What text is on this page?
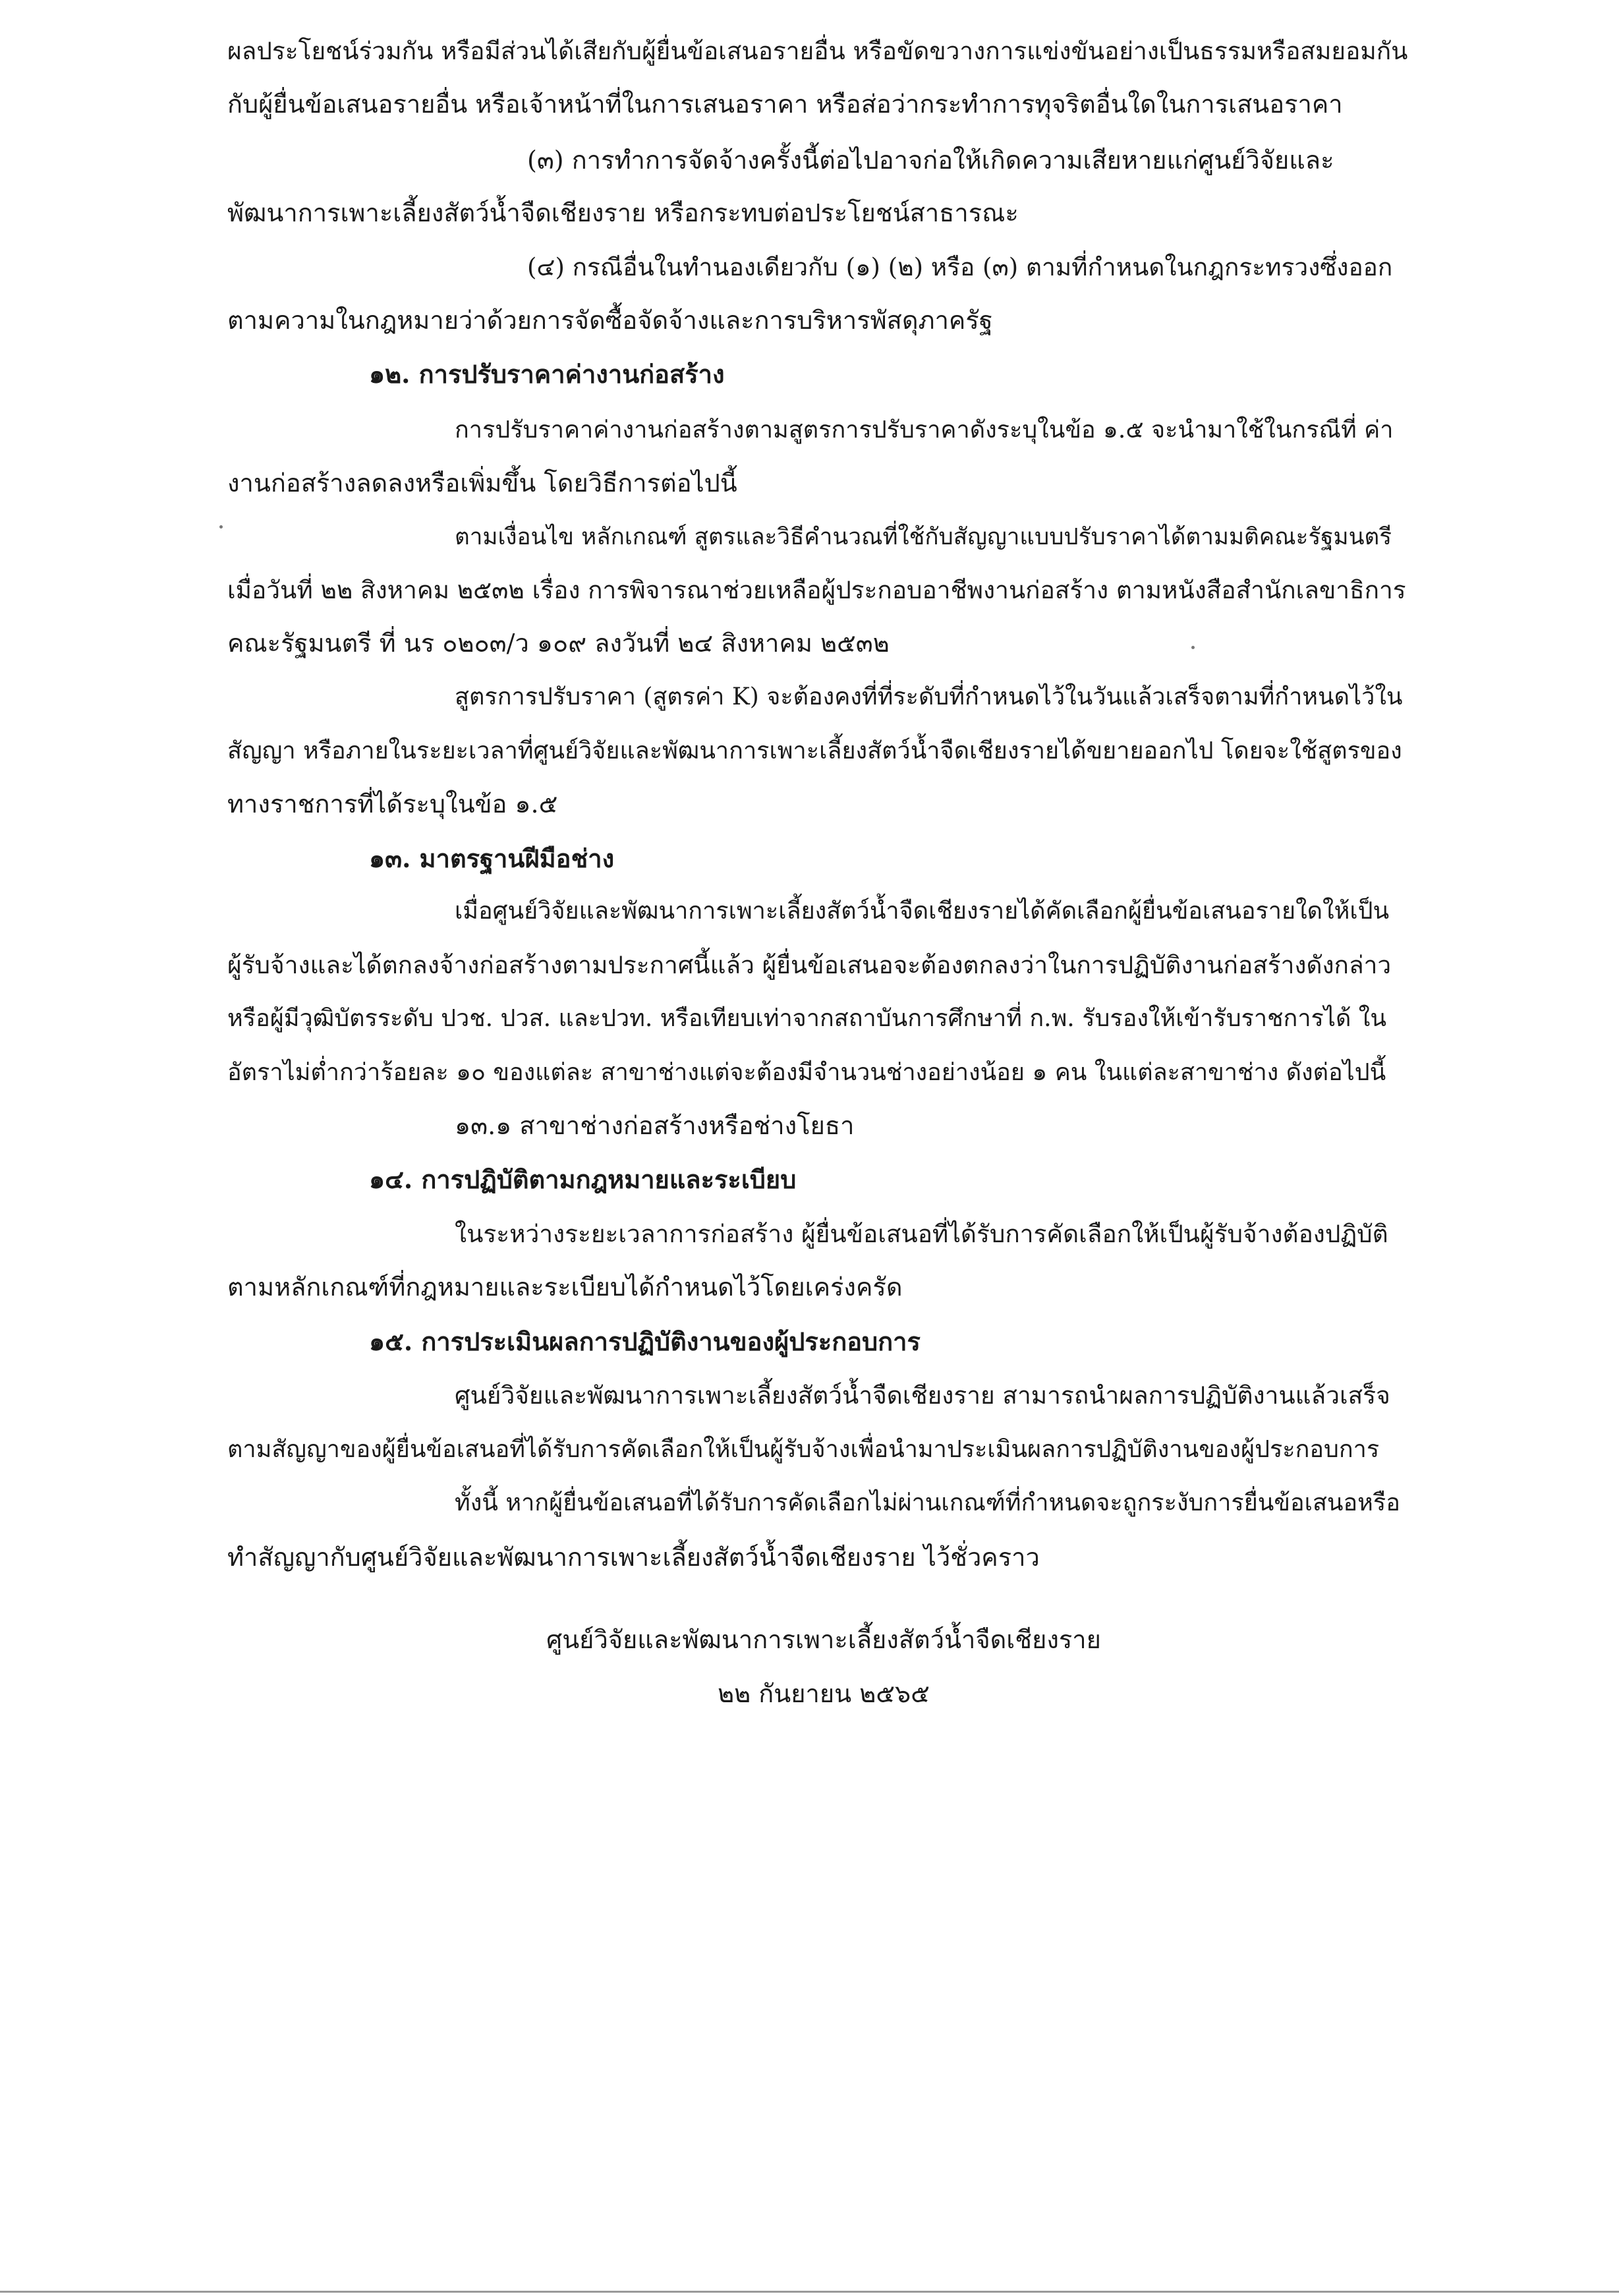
ผลประโยชน์ร่วมกัน หรือมีส่วนได้เสียกับผู้ยื่นข้อเสนอรายอื่น หรือขัดขวางการแข่งขันอย่างเป็นธรรมหรือสมยอมกัน
กับผู้ยื่นข้อเสนอรายอื่น หรือเจ้าหน้าที่ในการเสนอราคา หรือส่อว่ากระทำการทุจริตอื่นใดในการเสนอราคา
(๓) การทำการจัดจ้างครั้งนี้ต่อไปอาจก่อให้เกิดความเสียหายแก่ศูนย์วิจัยและ
พัฒนาการเพาะเลี้ยงสัตว์น้ำจืดเชียงราย หรือกระทบต่อประโยชน์สาธารณะ
(๔) กรณีอื่นในทำนองเดียวกับ (๑) (๒) หรือ (๓) ตามที่กำหนดในกฎกระทรวงซึ่งออก
ตามความในกฎหมายว่าด้วยการจัดซื้อจัดจ้างและการบริหารพัสดุภาครัฐ
๑๒. การปรับราคาค่างานก่อสร้าง
การปรับราคาค่างานก่อสร้างตามสูตรการปรับราคาดังระบุในข้อ ๑.๕ จะนำมาใช้ในกรณีที่ ค่า
งานก่อสร้างลดลงหรือเพิ่มขึ้น โดยวิธีการต่อไปนี้
ตามเงื่อนไข หลักเกณฑ์ สูตรและวิธีคำนวณที่ใช้กับสัญญาแบบปรับราคาได้ตามมติคณะรัฐมนตรี
เมื่อวันที่ ๒๒ สิงหาคม ๒๕๓๒ เรื่อง การพิจารณาช่วยเหลือผู้ประกอบอาชีพงานก่อสร้าง ตามหนังสือสำนักเลขาธิการ
คณะรัฐมนตรี ที่ นร ๐๒๐๓/ว ๑๐๙ ลงวันที่ ๒๔ สิงหาคม ๒๕๓๒
สูตรการปรับราคา (สูตรค่า K) จะต้องคงที่ที่ระดับที่กำหนดไว้ในวันแล้วเสร็จตามที่กำหนดไว้ใน
สัญญา หรือภายในระยะเวลาที่ศูนย์วิจัยและพัฒนาการเพาะเลี้ยงสัตว์น้ำจืดเชียงรายได้ขยายออกไป โดยจะใช้สูตรของ
ทางราชการที่ได้ระบุในข้อ ๑.๕
๑๓. มาตรฐานฝีมือช่าง
เมื่อศูนย์วิจัยและพัฒนาการเพาะเลี้ยงสัตว์น้ำจืดเชียงรายได้คัดเลือกผู้ยื่นข้อเสนอรายใดให้เป็น
ผู้รับจ้างและได้ตกลงจ้างก่อสร้างตามประกาศนี้แล้ว ผู้ยื่นข้อเสนอจะต้องตกลงว่าในการปฏิบัติงานก่อสร้างดังกล่าว
หรือผู้มีวุฒิบัตรระดับ ปวช. ปวส. และปวท. หรือเทียบเท่าจากสถาบันการศึกษาที่ ก.พ. รับรองให้เข้ารับราชการได้ ใน
อัตราไม่ต่ำกว่าร้อยละ ๑๐ ของแต่ละ สาขาช่างแต่จะต้องมีจำนวนช่างอย่างน้อย ๑ คน ในแต่ละสาขาช่าง ดังต่อไปนี้
๑๓.๑ สาขาช่างก่อสร้างหรือช่างโยธา
๑๔. การปฏิบัติตามกฎหมายและระเบียบ
ในระหว่างระยะเวลาการก่อสร้าง ผู้ยื่นข้อเสนอที่ได้รับการคัดเลือกให้เป็นผู้รับจ้างต้องปฏิบัติ
ตามหลักเกณฑ์ที่กฎหมายและระเบียบได้กำหนดไว้โดยเคร่งครัด
๑๕. การประเมินผลการปฏิบัติงานของผู้ประกอบการ
ศูนย์วิจัยและพัฒนาการเพาะเลี้ยงสัตว์น้ำจืดเชียงราย สามารถนำผลการปฏิบัติงานแล้วเสร็จ
ตามสัญญาของผู้ยื่นข้อเสนอที่ได้รับการคัดเลือกให้เป็นผู้รับจ้างเพื่อนำมาประเมินผลการปฏิบัติงานของผู้ประกอบการ
ทั้งนี้ หากผู้ยื่นข้อเสนอที่ได้รับการคัดเลือกไม่ผ่านเกณฑ์ที่กำหนดจะถูกระงับการยื่นข้อเสนอหรือ
ทำสัญญากับศูนย์วิจัยและพัฒนาการเพาะเลี้ยงสัตว์น้ำจืดเชียงราย ไว้ชั่วคราว
ศูนย์วิจัยและพัฒนาการเพาะเลี้ยงสัตว์น้ำจืดเชียงราย
๒๒ กันยายน ๒๕๖๕
